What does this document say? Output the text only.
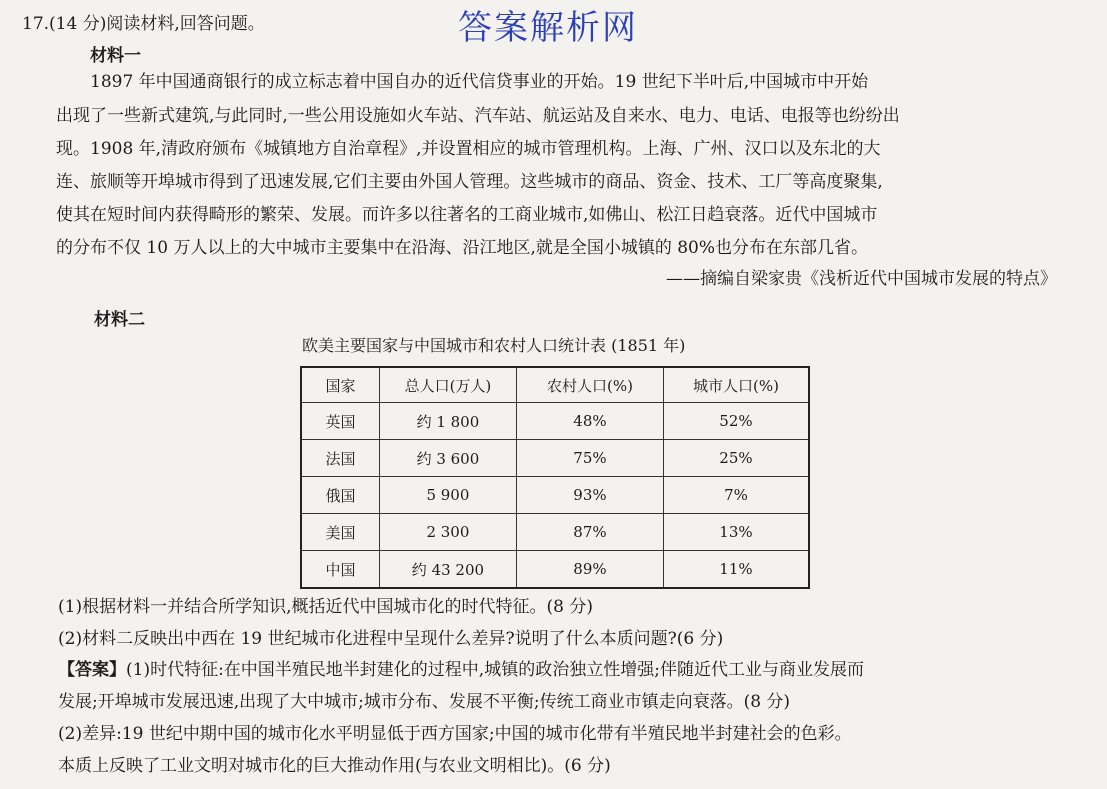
17.(14 分)阅读材料,回答问题。	答案解析网
材料一
1897 年中国通商银行的成立标志着中国自办的近代信贷事业的开始。19 世纪下半叶后,中国城市中开始
出现了一些新式建筑,与此同时,一些公用设施如火车站、汽车站、航运站及自来水、电力、电话、电报等也纷纷出
现。1908 年,清政府颁布《城镇地方自治章程》,并设置相应的城市管理机构。上海、广州、汉口以及东北的大
连、旅顺等开埠城市得到了迅速发展,它们主要由外国人管理。这些城市的商品、资金、技术、工厂等高度聚集,
使其在短时间内获得畸形的繁荣、发展。而许多以往著名的工商业城市,如佛山、松江日趋衰落。近代中国城市
的分布不仅 10 万人以上的大中城市主要集中在沿海、沿江地区,就是全国小城镇的 80%也分布在东部几省。
——摘编自梁家贵《浅析近代中国城市发展的特点》
材料二
欧美主要国家与中国城市和农村人口统计表 (1851 年)
国家	总人口(万人)	农村人口(%)	城市人口(%)
英国	约 1 800	48%	52%
法国	约 3 600	75%	25%
俄国	5 900	93%	7%
美国	2 300	87%	13%
中国	约 43 200	89%	11%
(1)根据材料一并结合所学知识,概括近代中国城市化的时代特征。(8 分)
(2)材料二反映出中西在 19 世纪城市化进程中呈现什么差异?说明了什么本质问题?(6 分)
【答案】(1)时代特征:在中国半殖民地半封建化的过程中,城镇的政治独立性增强;伴随近代工业与商业发展而
发展;开埠城市发展迅速,出现了大中城市;城市分布、发展不平衡;传统工商业市镇走向衰落。(8 分)
(2)差异:19 世纪中期中国的城市化水平明显低于西方国家;中国的城市化带有半殖民地半封建社会的色彩。
本质上反映了工业文明对城市化的巨大推动作用(与农业文明相比)。(6 分)
